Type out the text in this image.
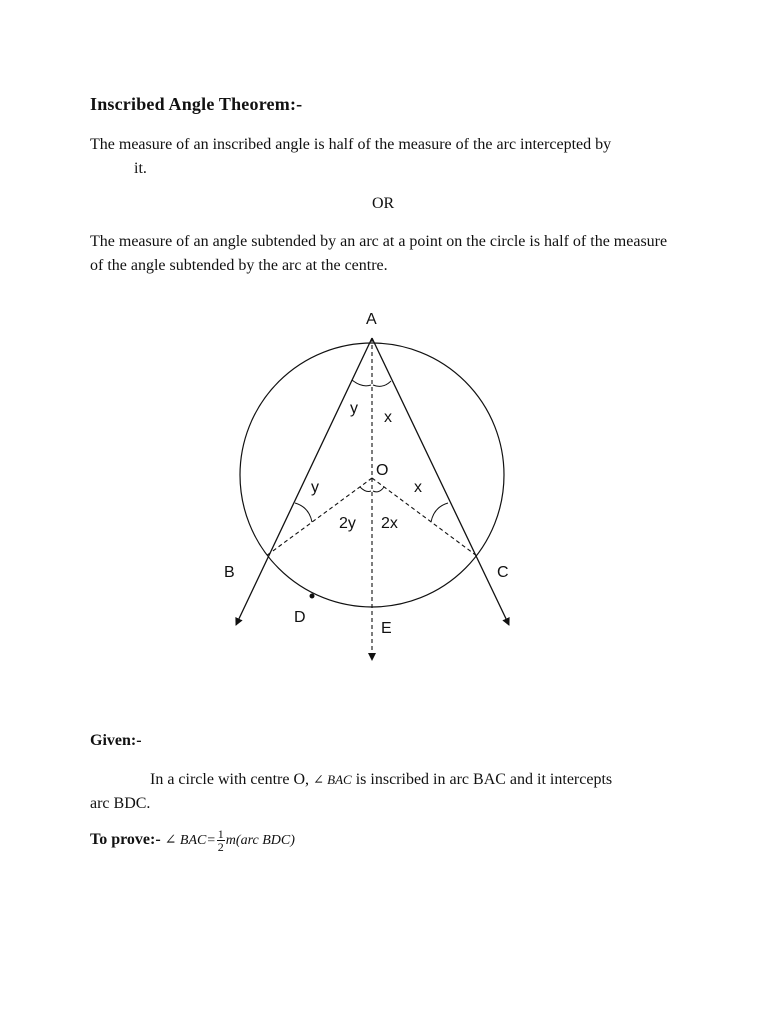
Inscribed Angle Theorem:-
The measure of an inscribed angle is half of the measure of the arc intercepted by
it.
OR
The measure of an angle subtended by an arc at a point on the circle is half of the measure of the angle subtended by the arc at the centre.
A
B	C
D
E
O
y
x
y	x
2y 2x
Given:-
In a circle with centre O, ∠ BAC is inscribed in arc BAC and it intercepts
arc BDC.
To prove:- ∠ BAC = $\frac{1}{2} m(arc$ BDC)
